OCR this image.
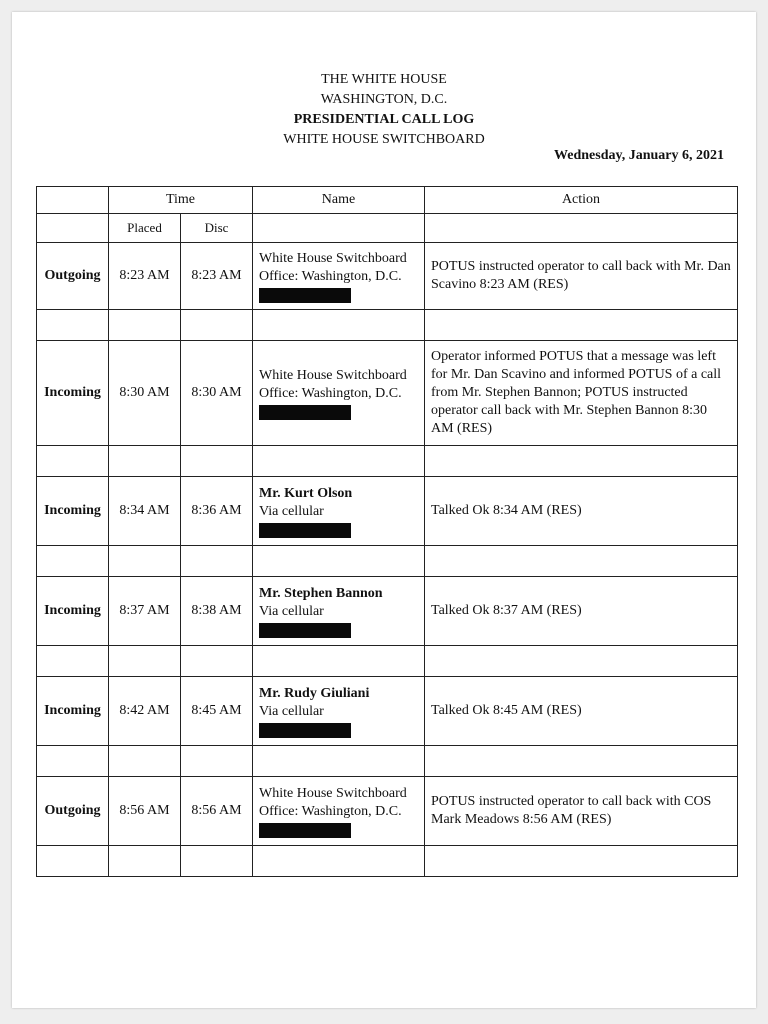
THE WHITE HOUSE
WASHINGTON, D.C.
PRESIDENTIAL CALL LOG
WHITE HOUSE SWITCHBOARD
Wednesday, January 6, 2021
	Time		Name	Action
	Placed	Disc		
Outgoing	8:23 AM	8:23 AM	White House Switchboard
Office: Washington, D.C.	POTUS instructed operator to call back with Mr. Dan Scavino 8:23 AM (RES)

Incoming	8:30 AM	8:30 AM	White House Switchboard
Office: Washington, D.C.	Operator informed POTUS that a message was left for Mr. Dan Scavino and informed POTUS of a call from Mr. Stephen Bannon; POTUS instructed operator call back with Mr. Stephen Bannon 8:30 AM (RES)

Incoming	8:34 AM	8:36 AM	Mr. Kurt Olson
Via cellular	Talked Ok 8:34 AM (RES)

Incoming	8:37 AM	8:38 AM	Mr. Stephen Bannon
Via cellular	Talked Ok 8:37 AM (RES)

Incoming	8:42 AM	8:45 AM	Mr. Rudy Giuliani
Via cellular	Talked Ok 8:45 AM (RES)

Outgoing	8:56 AM	8:56 AM	White House Switchboard
Office: Washington, D.C.	POTUS instructed operator to call back with COS Mark Meadows 8:56 AM (RES)
